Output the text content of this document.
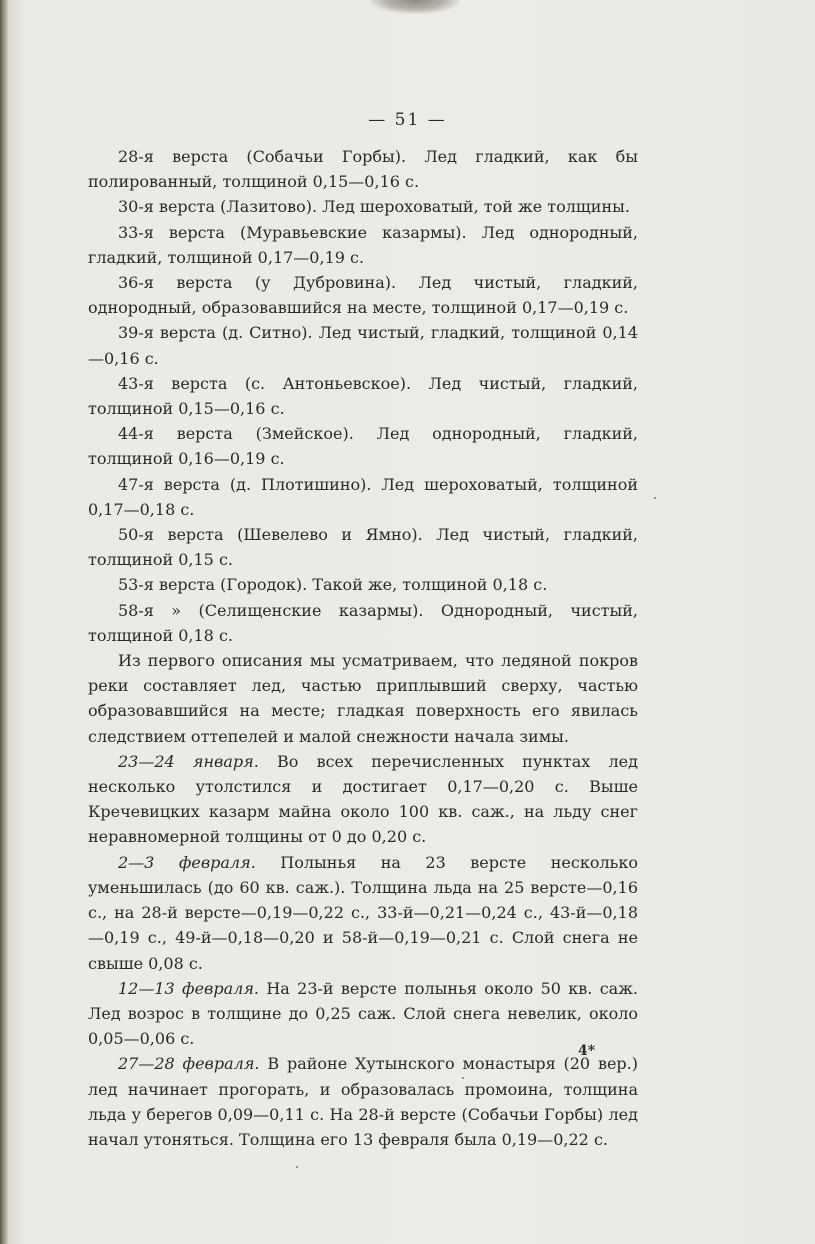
— 51 —

28-я верста (Собачьи Горбы). Лед гладкий, как бы полированный, толщиной 0,15—0,16 с.

30-я верста (Лазитово). Лед шероховатый, той же толщины.

33-я верста (Муравьевские казармы). Лед однородный, гладкий, толщиной 0,17—0,19 с.

36-я верста (у Дубровина). Лед чистый, гладкий, однородный, образовавшийся на месте, толщиной 0,17—0,19 с.

39-я верста (д. Ситно). Лед чистый, гладкий, толщиной 0,14—0,16 с.

43-я верста (с. Антоньевское). Лед чистый, гладкий, толщиной 0,15—0,16 с.

44-я верста (Змейское). Лед однородный, гладкий, толщиной 0,16—0,19 с.

47-я верста (д. Плотишино). Лед шероховатый, толщиной 0,17—0,18 с.

50-я верста (Шевелево и Ямно). Лед чистый, гладкий, толщиной 0,15 с.

53-я верста (Городок). Такой же, толщиной 0,18 с.

58-я » (Селищенские казармы). Однородный, чистый, толщиной 0,18 с.

Из первого описания мы усматриваем, что ледяной покров реки составляет лед, частью приплывший сверху, частью образовавшийся на месте; гладкая поверхность его явилась следствием оттепелей и малой снежности начала зимы.

23—24 января. Во всех перечисленных пунктах лед несколько утолстился и достигает 0,17—0,20 с. Выше Кречевицких казарм майна около 100 кв. саж., на льду снег неравномерной толщины от 0 до 0,20 с.

2—3 февраля. Полынья на 23 версте несколько уменьшилась (до 60 кв. саж.). Толщина льда на 25 версте—0,16 с., на 28-й версте—0,19—0,22 с., 33-й—0,21—0,24 с., 43-й—0,18—0,19 с., 49-й—0,18—0,20 и 58-й—0,19—0,21 с. Слой снега не свыше 0,08 с.

12—13 февраля. На 23-й версте полынья около 50 кв. саж. Лед возрос в толщине до 0,25 саж. Слой снега невелик, около 0,05—0,06 с.

27—28 февраля. В районе Хутынского монастыря (20 вер.) лед начинает прогорать, и образовалась промоина, толщина льда у берегов 0,09—0,11 с. На 28-й версте (Собачьи Горбы) лед начал утоняться. Толщина его 13 февраля была 0,19—0,22 с.

4*
